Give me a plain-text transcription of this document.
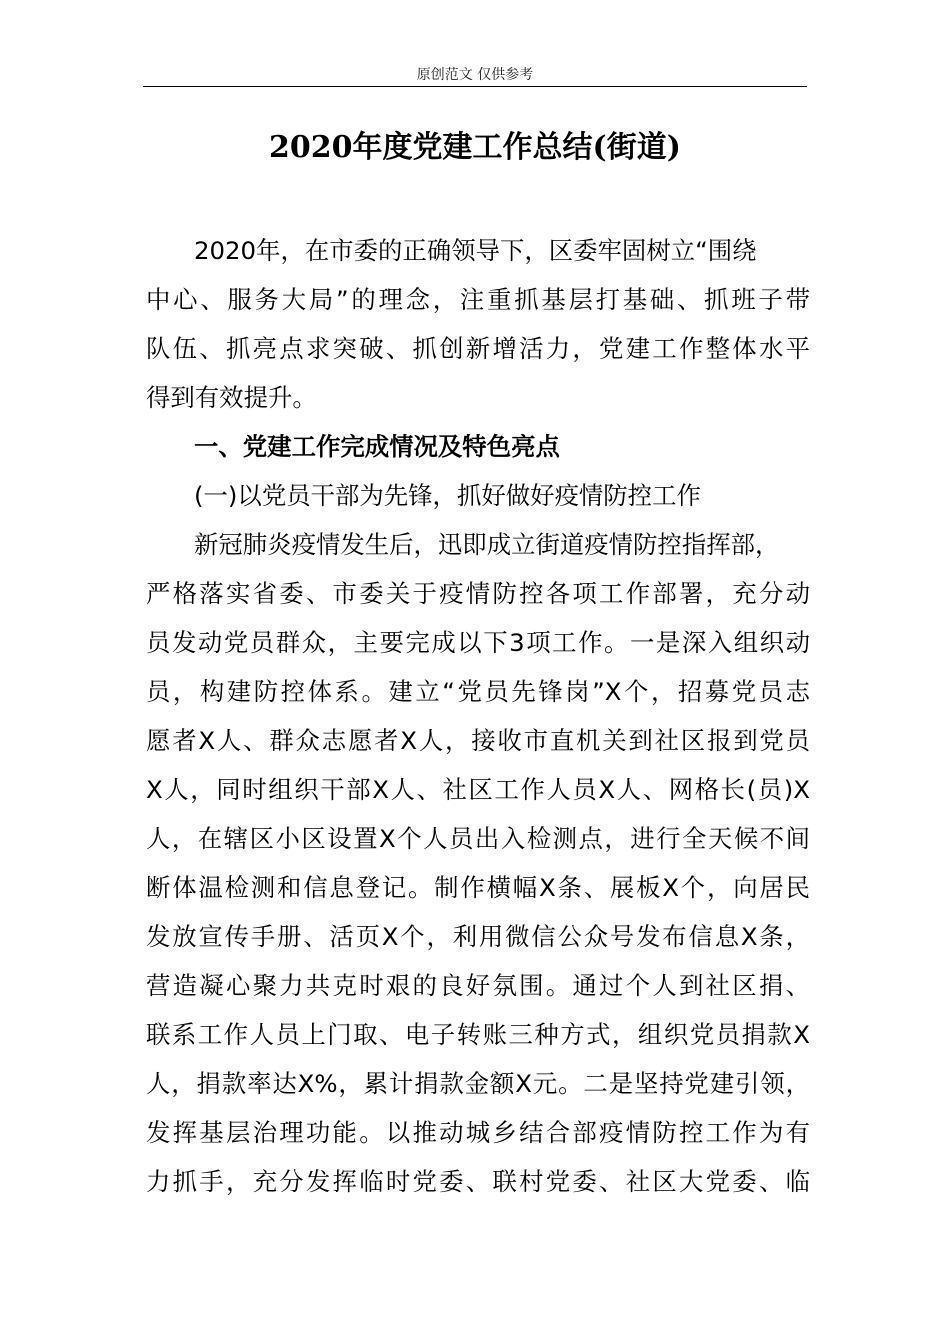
原创范文 仅供参考
2020年度党建工作总结(街道)
2020年，在市委的正确领导下，区委牢固树立“围绕
中心、服务大局”的理念，注重抓基层打基础、抓班子带
队伍、抓亮点求突破、抓创新增活力，党建工作整体水平
得到有效提升。
一、党建工作完成情况及特色亮点
(一)以党员干部为先锋，抓好做好疫情防控工作
新冠肺炎疫情发生后，迅即成立街道疫情防控指挥部，
严格落实省委、市委关于疫情防控各项工作部署，充分动
员发动党员群众，主要完成以下3项工作。一是深入组织动
员，构建防控体系。建立“党员先锋岗”X个，招募党员志
愿者X人、群众志愿者X人，接收市直机关到社区报到党员
X人，同时组织干部X人、社区工作人员X人、网格长(员)X
人，在辖区小区设置X个人员出入检测点，进行全天候不间
断体温检测和信息登记。制作横幅X条、展板X个，向居民
发放宣传手册、活页X个，利用微信公众号发布信息X条，
营造凝心聚力共克时艰的良好氛围。通过个人到社区捐、
联系工作人员上门取、电子转账三种方式，组织党员捐款X
人，捐款率达X%，累计捐款金额X元。二是坚持党建引领，
发挥基层治理功能。以推动城乡结合部疫情防控工作为有
力抓手，充分发挥临时党委、联村党委、社区大党委、临
